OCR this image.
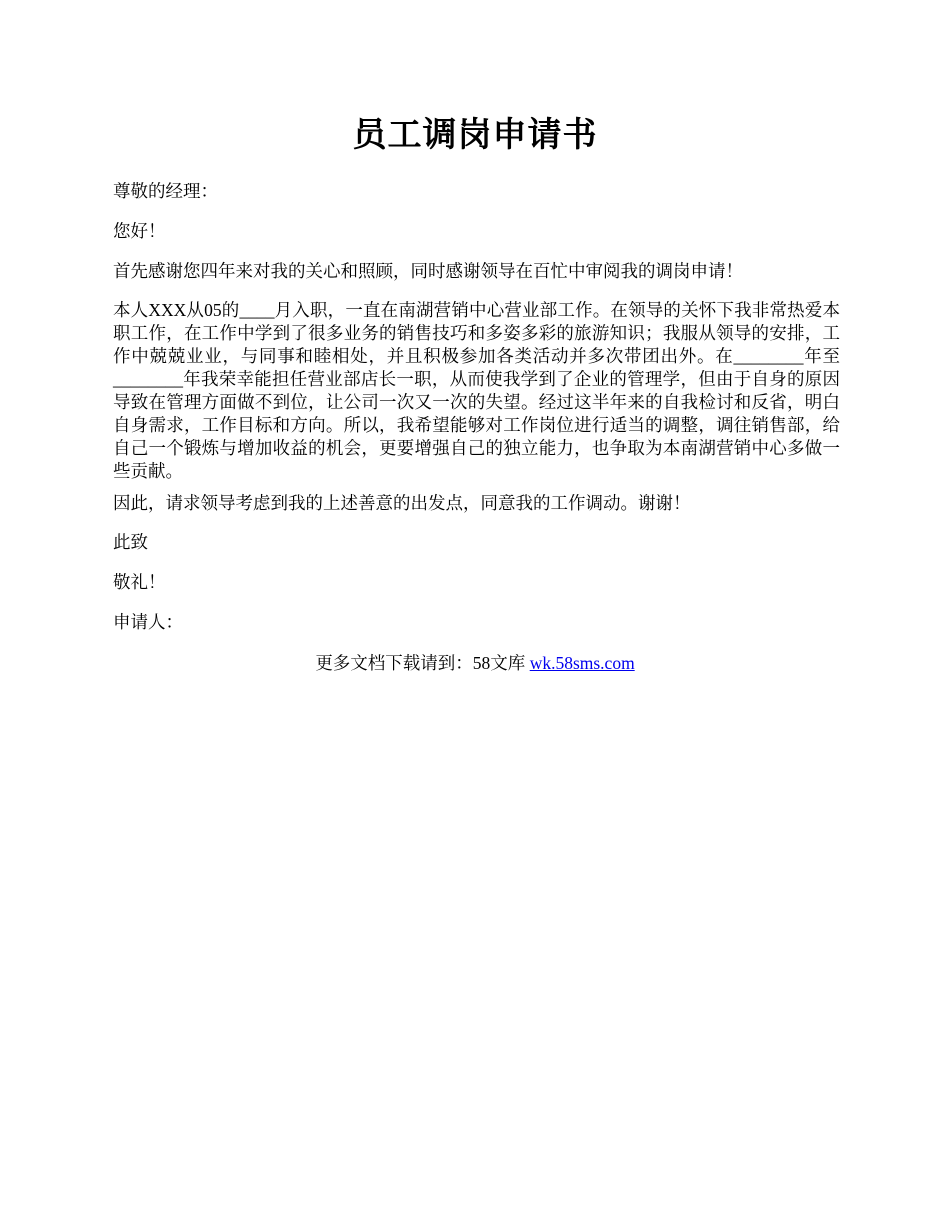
员工调岗申请书

尊敬的经理：

您好！

首先感谢您四年来对我的关心和照顾，同时感谢领导在百忙中审阅我的调岗申请！

本人XXX从05的____月入职，一直在南湖营销中心营业部工作。在领导的关怀下我非常热爱本职工作，在工作中学到了很多业务的销售技巧和多姿多彩的旅游知识；我服从领导的安排，工作中兢兢业业，与同事和睦相处，并且积极参加各类活动并多次带团出外。在________年至________年我荣幸能担任营业部店长一职，从而使我学到了企业的管理学，但由于自身的原因导致在管理方面做不到位，让公司一次又一次的失望。经过这半年来的自我检讨和反省，明白自身需求，工作目标和方向。所以，我希望能够对工作岗位进行适当的调整，调往销售部，给自己一个锻炼与增加收益的机会，更要增强自己的独立能力，也争取为本南湖营销中心多做一些贡献。

因此，请求领导考虑到我的上述善意的出发点，同意我的工作调动。谢谢！

此致

敬礼！

申请人：

更多文档下载请到：58文库 wk.58sms.com
